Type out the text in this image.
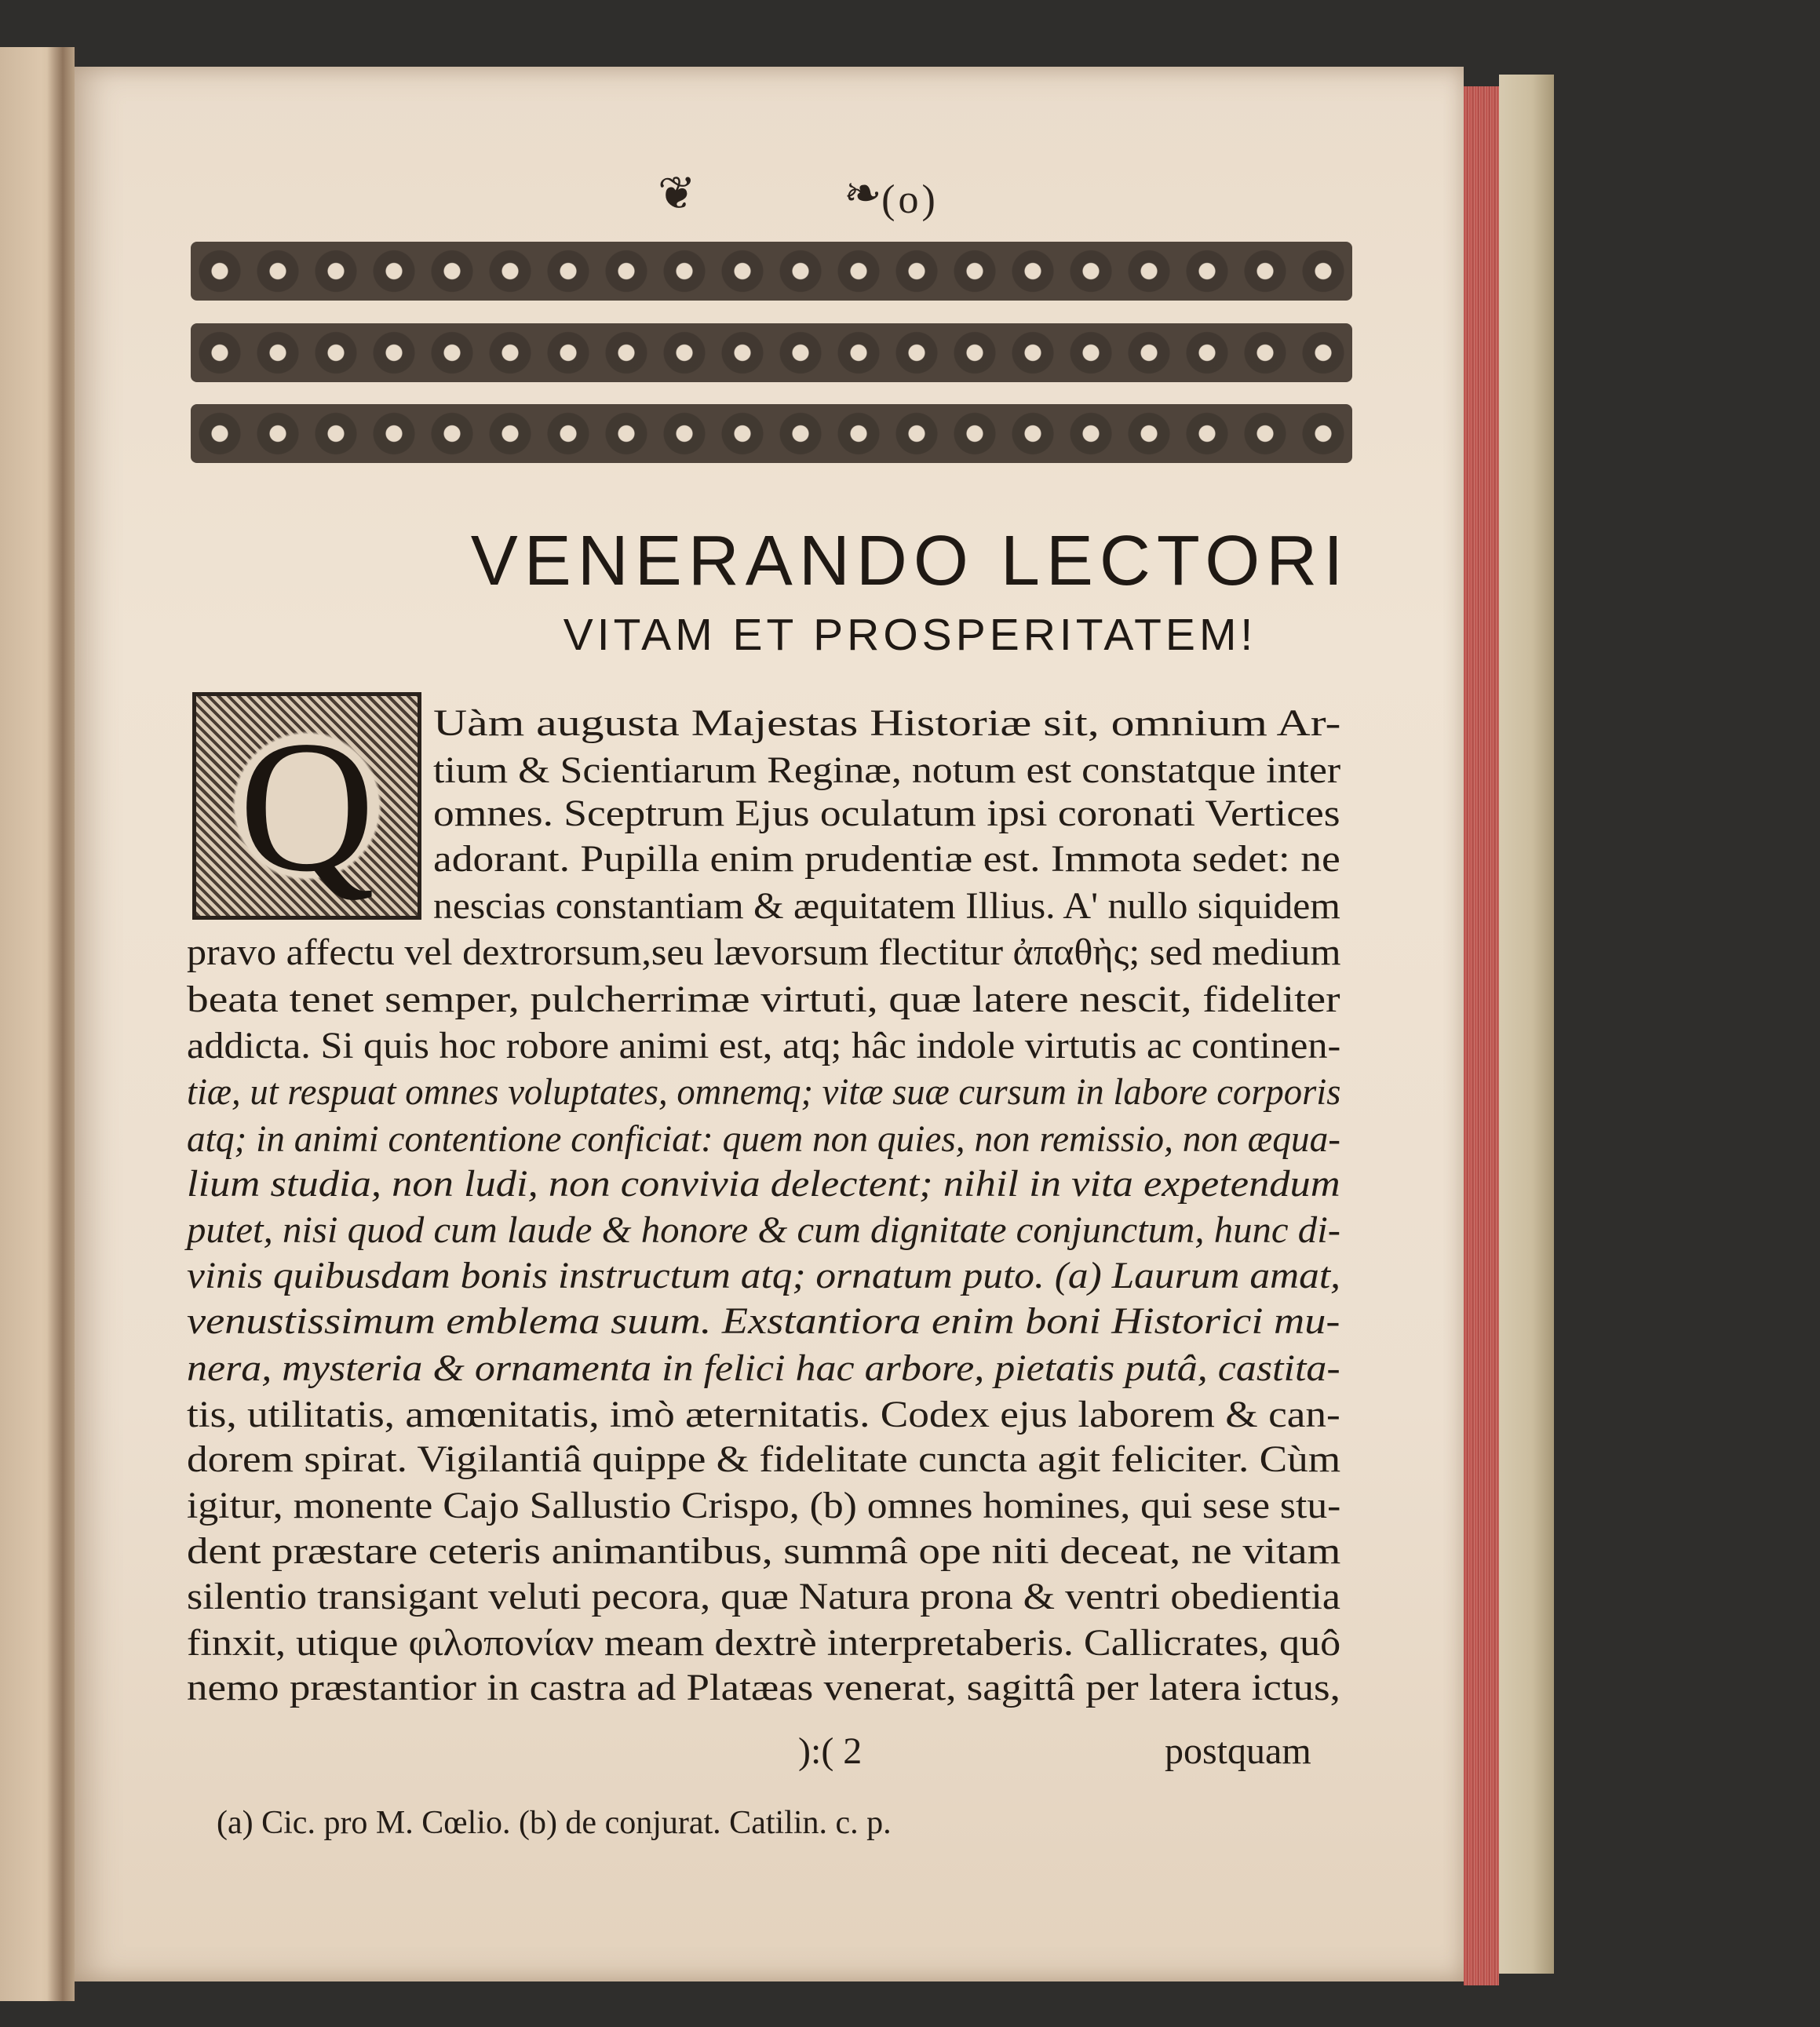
❦	(o)
❧
VENERANDO LECTORI
VITAM ET PROSPERITATEM!
Q	Uàm augusta Majestas Historiæ sit, omnium Ar-
tium & Scientiarum Reginæ, notum est constatque inter
omnes. Sceptrum Ejus oculatum ipsi coronati Vertices
adorant. Pupilla enim prudentiæ est. Immota sedet: ne
nescias constantiam & æquitatem Illius. A' nullo siquidem
pravo affectu vel dextrorsum,seu lævorsum flectitur ἀπαθὴς; sed medium
beata tenet semper, pulcherrimæ virtuti, quæ latere nescit, fideliter
addicta. Si quis hoc robore animi est, atq; hâc indole virtutis ac continen-
tiæ, ut respuat omnes voluptates, omnemq; vitæ suæ cursum in labore corporis
atq; in animi contentione conficiat: quem non quies, non remissio, non æqua-
lium studia, non ludi, non convivia delectent; nihil in vita expetendum
putet, nisi quod cum laude & honore & cum dignitate conjunctum, hunc di-
vinis quibusdam bonis instructum atq; ornatum puto. (a) Laurum amat,
venustissimum emblema suum. Exstantiora enim boni Historici mu-
nera, mysteria & ornamenta in felici hac arbore, pietatis putâ, castita-
tis, utilitatis, amœnitatis, imò æternitatis. Codex ejus laborem & can-
dorem spirat. Vigilantiâ quippe & fidelitate cuncta agit feliciter. Cùm
igitur, monente Cajo Sallustio Crispo, (b) omnes homines, qui sese stu-
dent præstare ceteris animantibus, summâ ope niti deceat, ne vitam
silentio transigant veluti pecora, quæ Natura prona & ventri obedientia
finxit, utique φιλοπονίαν meam dextrè interpretaberis. Callicrates, quô
nemo præstantior in castra ad Platæas venerat, sagittâ per latera ictus,
):( 2	postquam
(a) Cic. pro M. Cœlio. (b) de conjurat. Catilin. c. p.
